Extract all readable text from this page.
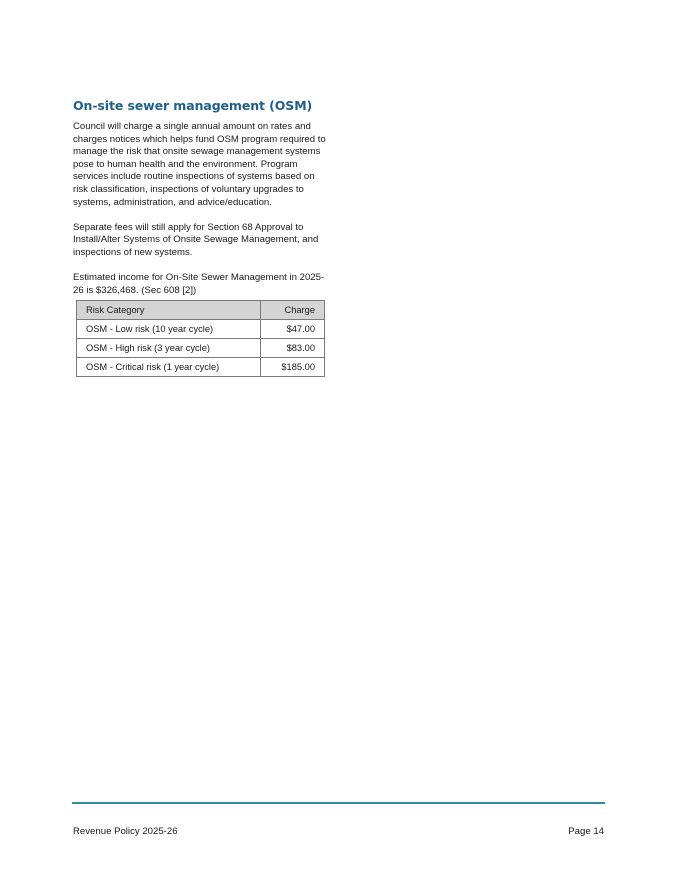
On-site sewer management (OSM)

Council will charge a single annual amount on rates and charges notices which helps fund OSM program required to manage the risk that onsite sewage management systems pose to human health and the environment. Program services include routine inspections of systems based on risk classification, inspections of voluntary upgrades to systems, administration, and advice/education.

Separate fees will still apply for Section 68 Approval to Install/Alter Systems of Onsite Sewage Management, and inspections of new systems.

Estimated income for On-Site Sewer Management in 2025-26 is $326,468. (Sec 608 [2])

Risk Category	Charge
OSM - Low risk (10 year cycle)	$47.00
OSM - High risk (3 year cycle)	$83.00
OSM - Critical risk (1 year cycle)	$185.00
Revenue Policy 2025-26	Page 14
